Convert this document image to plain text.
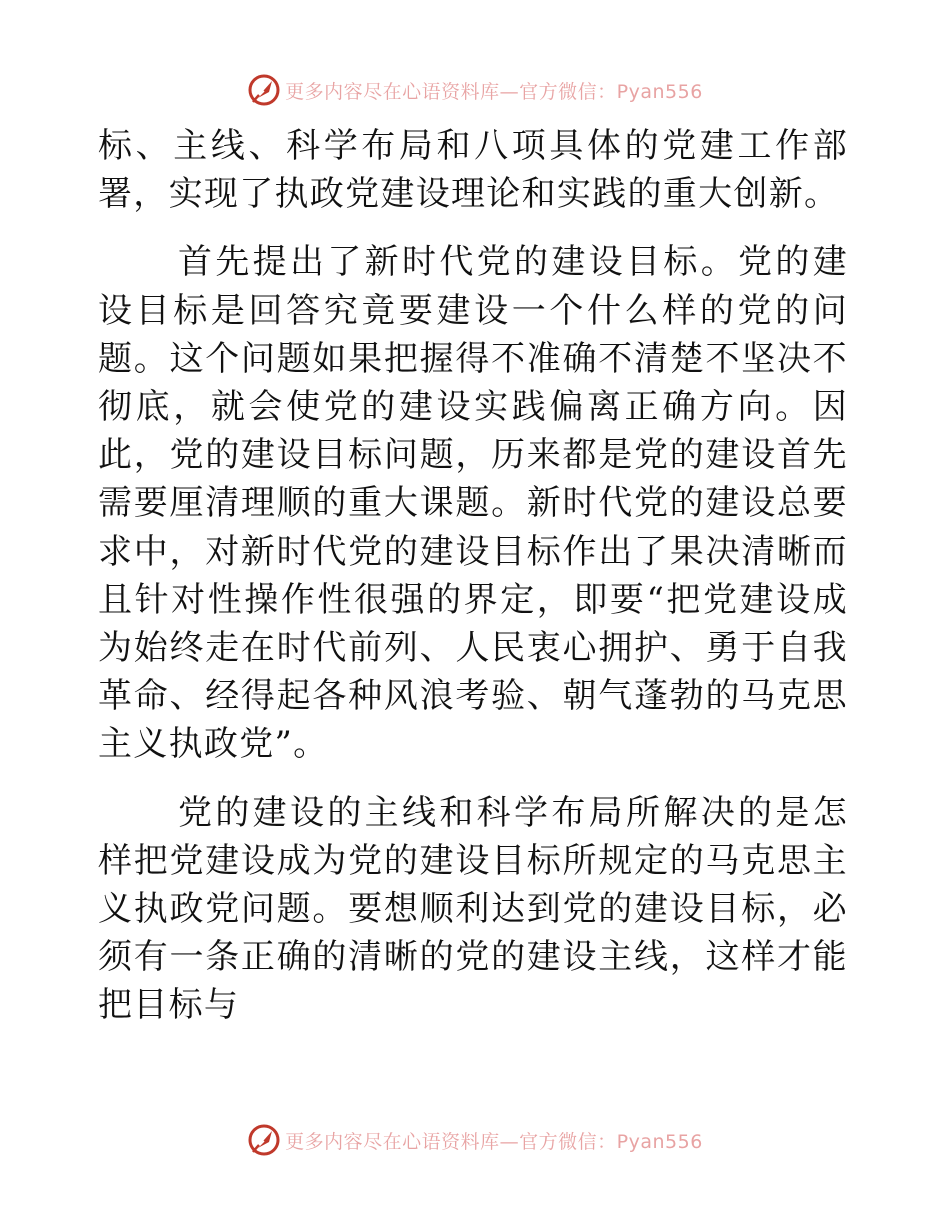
更多内容尽在心语资料库—官方微信：Pyan556

标、主线、科学布局和八项具体的党建工作部署，实现了执政党建设理论和实践的重大创新。

首先提出了新时代党的建设目标。党的建设目标是回答究竟要建设一个什么样的党的问题。这个问题如果把握得不准确不清楚不坚决不彻底，就会使党的建设实践偏离正确方向。因此，党的建设目标问题，历来都是党的建设首先需要厘清理顺的重大课题。新时代党的建设总要求中，对新时代党的建设目标作出了果决清晰而且针对性操作性很强的界定，即要“把党建设成为始终走在时代前列、人民衷心拥护、勇于自我革命、经得起各种风浪考验、朝气蓬勃的马克思主义执政党”。

党的建设的主线和科学布局所解决的是怎样把党建设成为党的建设目标所规定的马克思主义执政党问题。要想顺利达到党的建设目标，必须有一条正确的清晰的党的建设主线，这样才能把目标与

更多内容尽在心语资料库—官方微信：Pyan556
